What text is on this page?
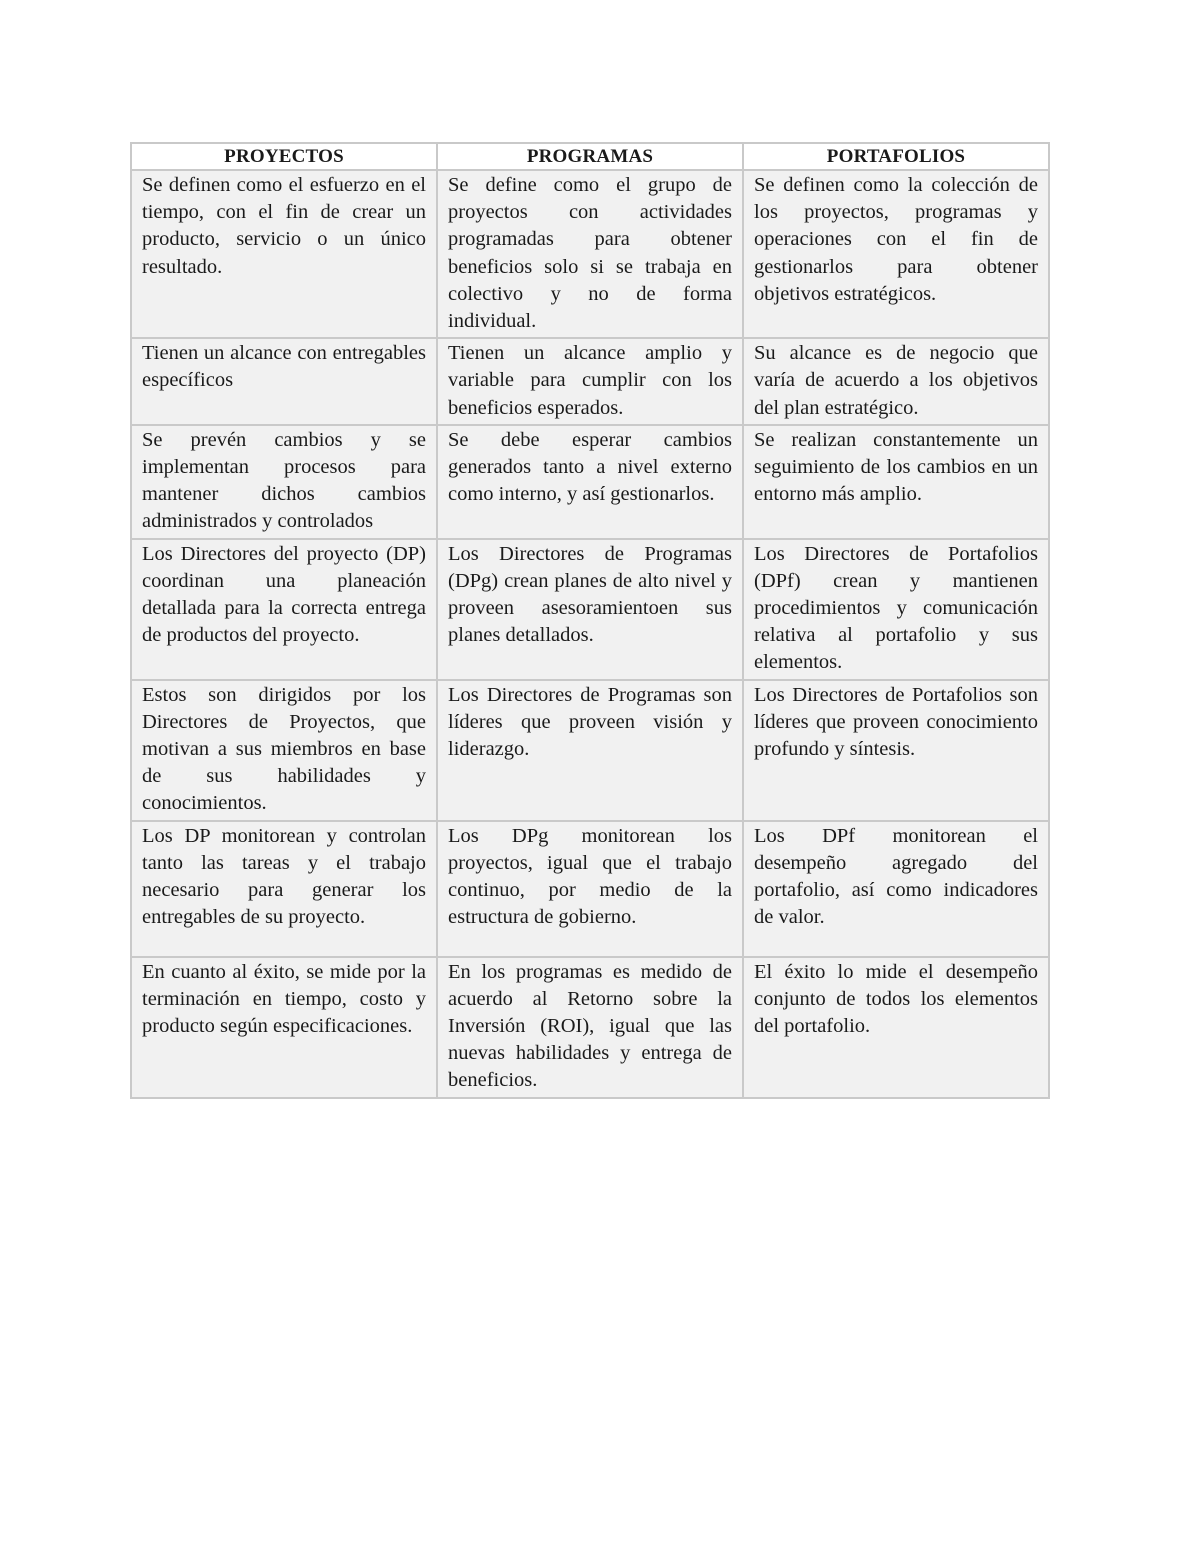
PROYECTOS	PROGRAMAS	PORTAFOLIOS
Se definen como el esfuerzo en el tiempo, con el fin de crear un producto, servicio o un único resultado.	Se define como el grupo de proyectos con actividades programadas para obtener beneficios solo si se trabaja en colectivo y no de forma individual.	Se definen como la colección de los proyectos, programas y operaciones con el fin de gestionarlos para obtener objetivos estratégicos.
Tienen un alcance con entregables específicos	Tienen un alcance amplio y variable para cumplir con los beneficios esperados.	Su alcance es de negocio que varía de acuerdo a los objetivos del plan estratégico.
Se prevén cambios y se implementan procesos para mantener dichos cambios administrados y controlados	Se debe esperar cambios generados tanto a nivel externo como interno, y así gestionarlos.	Se realizan constantemente un seguimiento de los cambios en un entorno más amplio.
Los Directores del proyecto (DP) coordinan una planeación detallada para la correcta entrega de productos del proyecto.	Los Directores de Programas (DPg) crean planes de alto nivel y proveen asesoramientoen sus planes detallados.	Los Directores de Portafolios (DPf) crean y mantienen procedimientos y comunicación relativa al portafolio y sus elementos.
Estos son dirigidos por los Directores de Proyectos, que motivan a sus miembros en base de sus habilidades y conocimientos.	Los Directores de Programas son líderes que proveen visión y liderazgo.	Los Directores de Portafolios son líderes que proveen conocimiento profundo y síntesis.
Los DP monitorean y controlan tanto las tareas y el trabajo necesario para generar los entregables de su proyecto.	Los DPg monitorean los proyectos, igual que el trabajo continuo, por medio de la estructura de gobierno.	Los DPf monitorean el desempeño agregado del portafolio, así como indicadores de valor.
En cuanto al éxito, se mide por la terminación en tiempo, costo y producto según especificaciones.	En los programas es medido de acuerdo al Retorno sobre la Inversión (ROI), igual que las nuevas habilidades y entrega de beneficios.	El éxito lo mide el desempeño conjunto de todos los elementos del portafolio.
